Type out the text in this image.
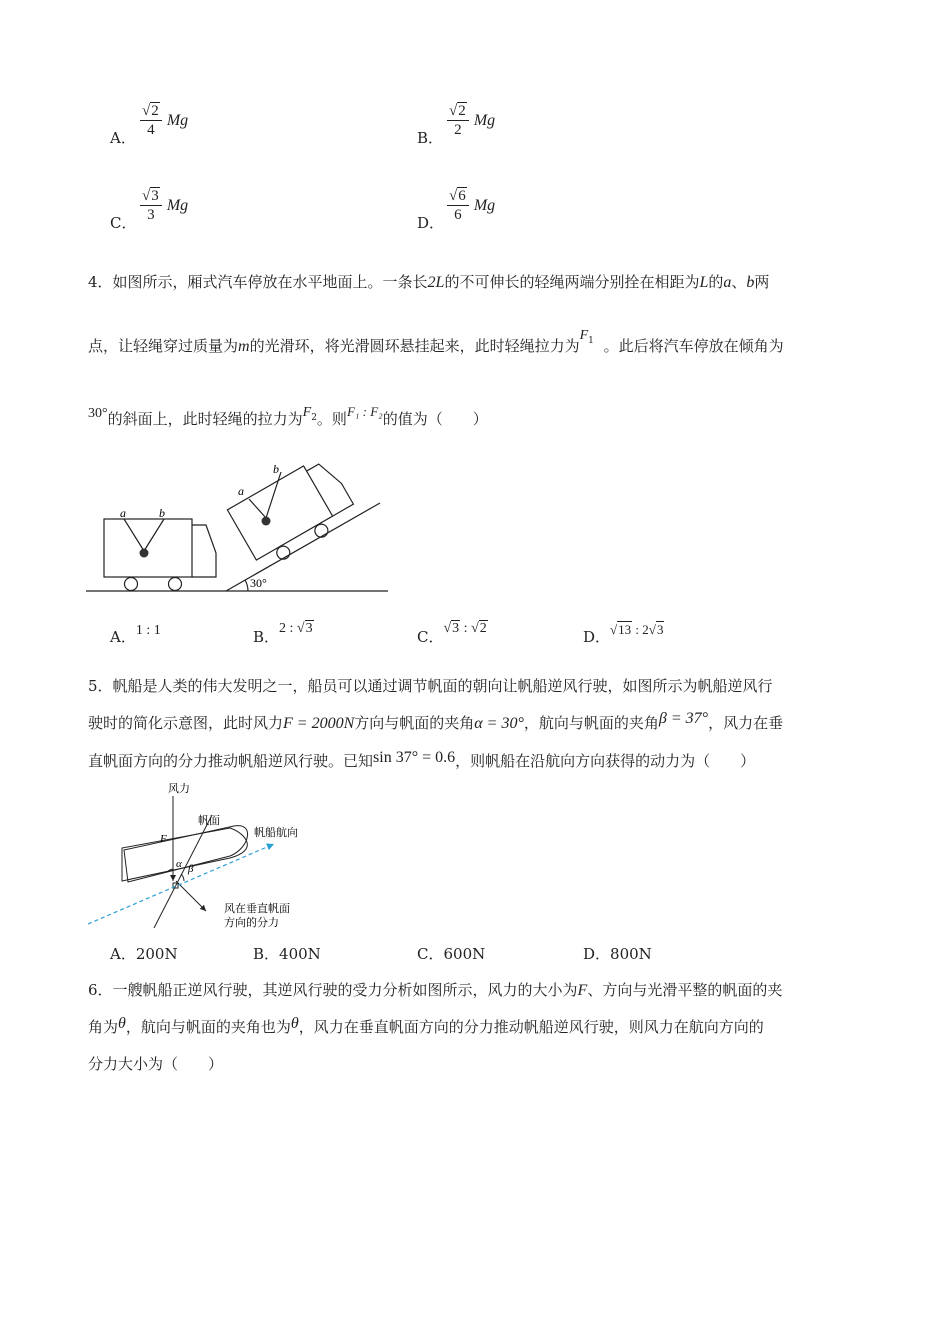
A． $\frac{√2}{4}$ Mg
B． $\frac{√2}{2}$ Mg
C． $\frac{√3}{3}$ Mg
D． $\frac{√6}{6}$ Mg
4．如图所示，厢式汽车停放在水平地面上。一条长2L的不可伸长的轻绳两端分别拴在相距为L的a、b两
点，让轻绳穿过质量为m的光滑环，将光滑圆环悬挂起来，此时轻绳拉力为$F_1$ 。此后将汽车停放在倾角为
30°的斜面上，此时轻绳的拉力为$F_2$。则F₁ : F₂的值为（　　）
a	b
a
b
30°
A．1 : 1	B．2 : √3	C．√3 : √2	D．√13 : 2√3
5．帆船是人类的伟大发明之一，船员可以通过调节帆面的朝向让帆船逆风行驶，如图所示为帆船逆风行
驶时的简化示意图，此时风力F = 2000N方向与帆面的夹角α = 30°，航向与帆面的夹角β = 37°，风力在垂
直帆面方向的分力推动帆船逆风行驶。已知sin 37° = 0.6，则帆船在沿航向方向获得的动力为（　　）
风力
帆面
帆船航向
F
α β
风在垂直帆面
方向的分力
A．200N	B．400N	C．600N	D．800N
6．一艘帆船正逆风行驶，其逆风行驶的受力分析如图所示，风力的大小为F、方向与光滑平整的帆面的夹
角为θ，航向与帆面的夹角也为θ，风力在垂直帆面方向的分力推动帆船逆风行驶，则风力在航向方向的
分力大小为（　　）
